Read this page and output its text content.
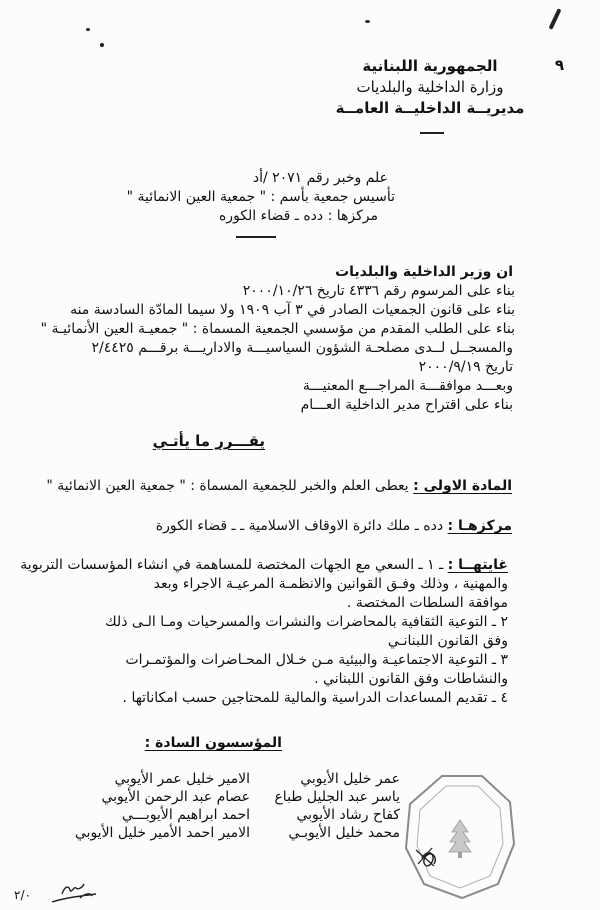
٩
الجمهورية اللبنانية
وزارة الداخلية والبلديات
مديريــة الداخليــة العامــة
علم وخبر رقم ٢٠٧١ /أد
تأسيس جمعية بأسم : " جمعية العين الانمائية "
مركزها : دده ـ قضاء الكوره
ان وزير الداخلية والبلديات
بناء على المرسوم رقم ٤٣٣٦ تاريخ ٢٠٠٠/١٠/٢٦
بناء على قانون الجمعيات الصادر في ٣ آب ١٩٠٩ ولا سيما المادّة السادسة منه
بناء على الطلب المقدم من مؤسسي الجمعية المسماة : " جمعيـة العين الأنمائيـة "
والمسجــل لــدى مصلحـة الشؤون السياسيـــة والاداريـــة برقـــم ٢/٤٤٢٥
تاريخ ٢٠٠٠/٩/١٩
وبعـــد موافقـــة المراجـــع المعنيـــة
بناء على اقتراح مدير الداخلية العـــام
يقـــرر ما يأتـي
المادة الاولى : يعطى العلم والخبر للجمعية المسماة : " جمعية العين الانمائية "
مركزهـا : دده ـ ملك دائرة الاوقاف الاسلامية ـ ـ قضاء الكورة
غايتهــا : ـ ١ ـ السعي مع الجهات المختصة للمساهمة في انشاء المؤسسات التربوية
والمهنية ، وذلك وفـق القوانين والانظمـة المرعيـة الاجراء وبعد
موافقة السلطات المختصة .
٢ ـ التوعية الثقافية بالمحاضرات والنشرات والمسرحيات ومـا الـى ذلك
وفق القانون اللبنانـي
٣ ـ التوعية الاجتماعيـة والبيئية مـن خـلال المحـاضرات والمؤتمـرات
والنشاطات وفق القانون اللبناني .
٤ ـ تقديم المساعدات الدراسية والمالية للمحتاجين حسب امكاناتها .
المؤسسون السادة :
عمر خليل الأيوبي
ياسر عبد الجليل طباع
كفاح رشاد الأيوبي
محمد خليل الأيوبـي
الامير خليل عمر الأيوبي
عصام عبد الرحمن الأيوبي
احمد ابراهيم الأيوبـــي
الامير احمد الأمير خليل الأيوبي
٢/٠
